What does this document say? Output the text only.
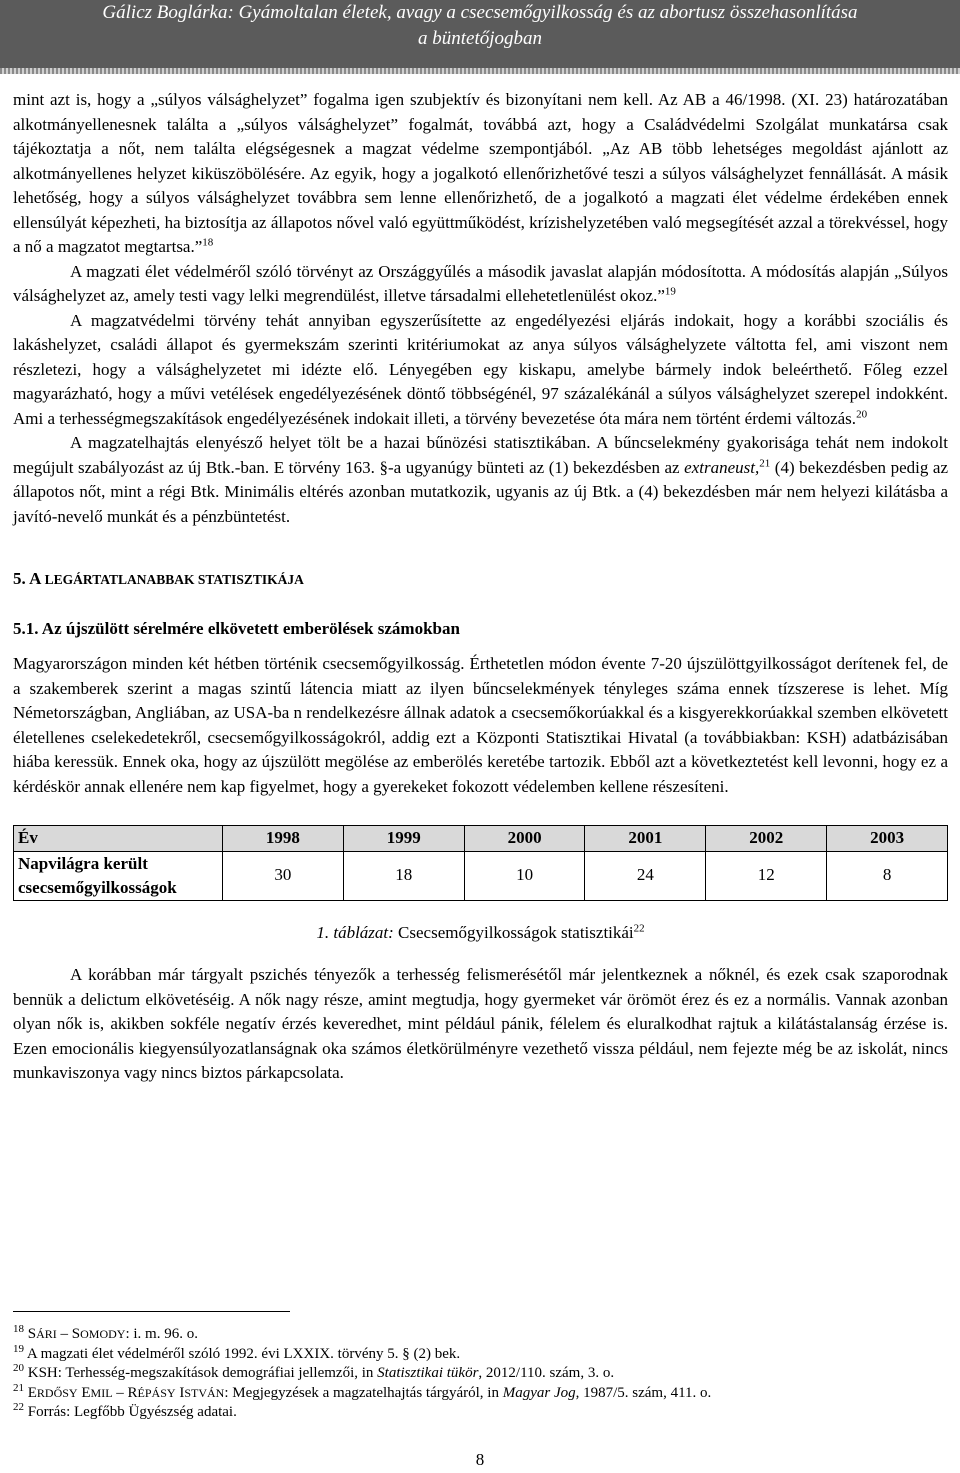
Gálicz Boglárka: Gyámoltalan életek, avagy a csecsemőgyilkosság és az abortusz összehasonlítása
a büntetőjogban

mint azt is, hogy a „súlyos válsághelyzet” fogalma igen szubjektív és bizonyítani nem kell. Az AB a 46/1998. (XI. 23) határozatában alkotmányellenesnek találta a „súlyos válsághelyzet” fogalmát, továbbá azt, hogy a Családvédelmi Szolgálat munkatársa csak tájékoztatja a nőt, nem találta elégségesnek a magzat védelme szempontjából. „Az AB több lehetséges megoldást ajánlott az alkotmányellenes helyzet kiküszöbölésére. Az egyik, hogy a jogalkotó ellenőrizhetővé teszi a súlyos válsághelyzet fennállását. A másik lehetőség, hogy a súlyos válsághelyzet továbbra sem lenne ellenőrizhető, de a jogalkotó a magzati élet védelme érdekében ennek ellensúlyát képezheti, ha biztosítja az állapotos nővel való együttműködést, krízishelyzetében való megsegítését azzal a törekvéssel, hogy a nő a magzatot megtartsa.”$^{18}$

A magzati élet védelméről szóló törvényt az Országgyűlés a második javaslat alapján módosította. A módosítás alapján „Súlyos válsághelyzet az, amely testi vagy lelki megrendülést, illetve társadalmi ellehetetlenülést okoz.”$^{19}$

A magzatvédelmi törvény tehát annyiban egyszerűsítette az engedélyezési eljárás indokait, hogy a korábbi szociális és lakáshelyzet, családi állapot és gyermekszám szerinti kritériumokat az anya súlyos válsághelyzete váltotta fel, ami viszont nem részletezi, hogy a válsághelyzetet mi idézte elő. Lényegében egy kiskapu, amelybe bármely indok beleérthető. Főleg ezzel magyarázható, hogy a művi vetélések engedélyezésének döntő többségénél, 97 százalékánál a súlyos válsághelyzet szerepel indokként. Ami a terhességmegszakítások engedélyezésének indokait illeti, a törvény bevezetése óta mára nem történt érdemi változás.$^{20}$

A magzatelhajtás elenyésző helyet tölt be a hazai bűnözési statisztikában. A bűncselekmény gyakorisága tehát nem indokolt megújult szabályozást az új Btk.-ban. E törvény 163. §-a ugyanúgy bünteti az (1) bekezdésben az extraneust,$^{21}$ (4) bekezdésben pedig az állapotos nőt, mint a régi Btk. Minimális eltérés azonban mutatkozik, ugyanis az új Btk. a (4) bekezdésben már nem helyezi kilátásba a javító-nevelő munkát és a pénzbüntetést.

5. A LEGÁRTATLANABBAK STATISZTIKÁJA
5.1. Az újszülött sérelmére elkövetett emberölések számokban

Magyarországon minden két hétben történik csecsemőgyilkosság. Érthetetlen módon évente 7-20 újszülöttgyilkosságot derítenek fel, de a szakemberek szerint a magas szintű látencia miatt az ilyen bűncselekmények tényleges száma ennek tízszerese is lehet. Míg Németországban, Angliában, az USA-ba n rendelkezésre állnak adatok a csecsemőkorúakkal és a kisgyerekkorúakkal szemben elkövetett életellenes cselekedetekről, csecsemőgyilkosságokról, addig ezt a Központi Statisztikai Hivatal (a továbbiakban: KSH) adatbázisában hiába keressük. Ennek oka, hogy az újszülött megölése az emberölés keretébe tartozik. Ebből azt a következtetést kell levonni, hogy ez a kérdéskör annak ellenére nem kap figyelmet, hogy a gyerekeket fokozott védelemben kellene részesíteni.

Év	1998	1999	2000	2001	2002	2003
Napvilágra került
csecsemőgyilkosságok	30	18	10	24	12	8
1. táblázat: Csecsemőgyilkosságok statisztikái$^{22}$

A korábban már tárgyalt pszichés tényezők a terhesség felismerésétől már jelentkeznek a nőknél, és ezek csak szaporodnak bennük a delictum elkövetéséig. A nők nagy része, amint megtudja, hogy gyermeket vár örömöt érez és ez a normális. Vannak azonban olyan nők is, akikben sokféle negatív érzés keveredhet, mint például pánik, félelem és eluralkodhat rajtuk a kilátástalanság érzése is. Ezen emocionális kiegyensúlyozatlanságnak oka számos életkörülményre vezethető vissza például, nem fejezte még be az iskolát, nincs munkaviszonya vagy nincs biztos párkapcsolata.

$^{18}$ SÁRI – SOMODY: i. m. 96. o.
$^{19}$ A magzati élet védelméről szóló 1992. évi LXXIX. törvény 5. § (2) bek.
$^{20}$ KSH: Terhesség-megszakítások demográfiai jellemzői, in Statisztikai tükör, 2012/110. szám, 3. o.
$^{21}$ ERDŐSY EMIL – RÉPÁSY ISTVÁN: Megjegyzések a magzatelhajtás tárgyáról, in Magyar Jog, 1987/5. szám, 411. o.
$^{22}$ Forrás: Legfőbb Ügyészség adatai.
8
